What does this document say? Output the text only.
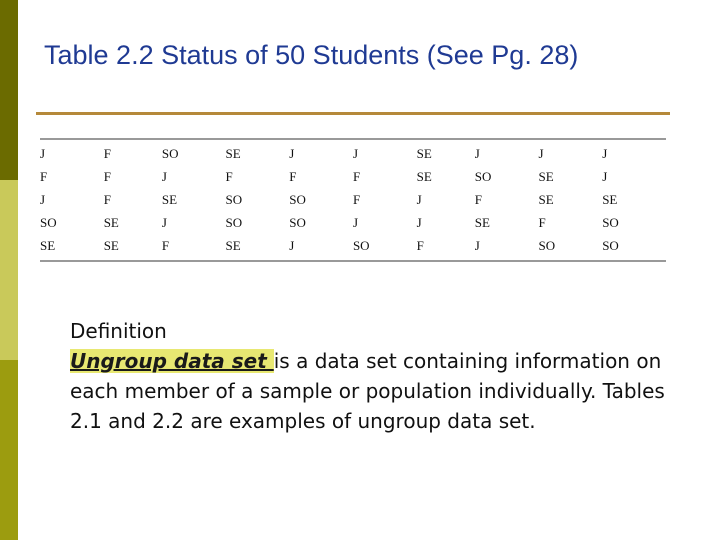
Table 2.2 Status of 50 Students (See Pg. 28)
J	F	SO	SE	J	J	SE	J	J	J
F	F	J	F	F	F	SE	SO	SE	J
J	F	SE	SO	SO	F	J	F	SE	SE
SO	SE	J	SO	SO	J	J	SE	F	SO
SE	SE	F	SE	J	SO	F	J	SO	SO
Definition
Ungroup data set is a data set containing information on each member of a sample or population individually. Tables 2.1 and 2.2 are examples of ungroup data set.
